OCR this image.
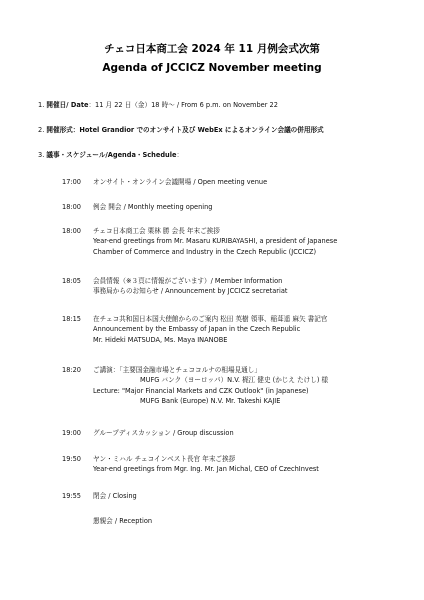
チェコ日本商工会 2024 年 11 月例会式次第
Agenda of JCCICZ November meeting
1. 開催日/ Date：11 月 22 日（金）18 時～ / From 6 p.m. on November 22
2. 開催形式：Hotel Grandior でのオンサイト及び WebEx によるオンライン会議の併用形式
3. 議事・スケジュール/Agenda・Schedule：
17:00	オンサイト・オンライン会議開場 / Open meeting venue
18:00	例会 開会 / Monthly meeting opening
18:00	チェコ日本商工会 栗林 勝 会長 年末ご挨拶
Year-end greetings from Mr. Masaru KURIBAYASHI, a president of Japanese
Chamber of Commerce and Industry in the Czech Republic (JCCICZ)
18:05	会員情報（※３頁に情報がございます）/ Member Information
事務局からのお知らせ / Announcement by JCCICZ secretariat
18:15	在チェコ共和国日本国大使館からのご案内 松田 英樹 領事、稲葺遥 麻矢 書記官
Announcement by the Embassy of Japan in the Czech Republic
Mr. Hideki MATSUDA, Ms. Maya INANOBE
18:20	ご講演：「主要国金融市場とチェココルナの相場見通し」
MUFG バンク（ヨーロッパ）N.V. 梶江 健史 (かじえ たけし) 様
Lecture: "Major Financial Markets and CZK Outlook" (in Japanese)
MUFG Bank (Europe) N.V. Mr. Takeshi KAJIE
19:00	グループディスカッション / Group discussion
19:50	ヤン・ミハル チェコインベスト長官 年末ご挨拶
Year-end greetings from Mgr. Ing. Mr. Jan Michal, CEO of CzechInvest
19:55	閉会 / Closing
懇親会 / Reception
